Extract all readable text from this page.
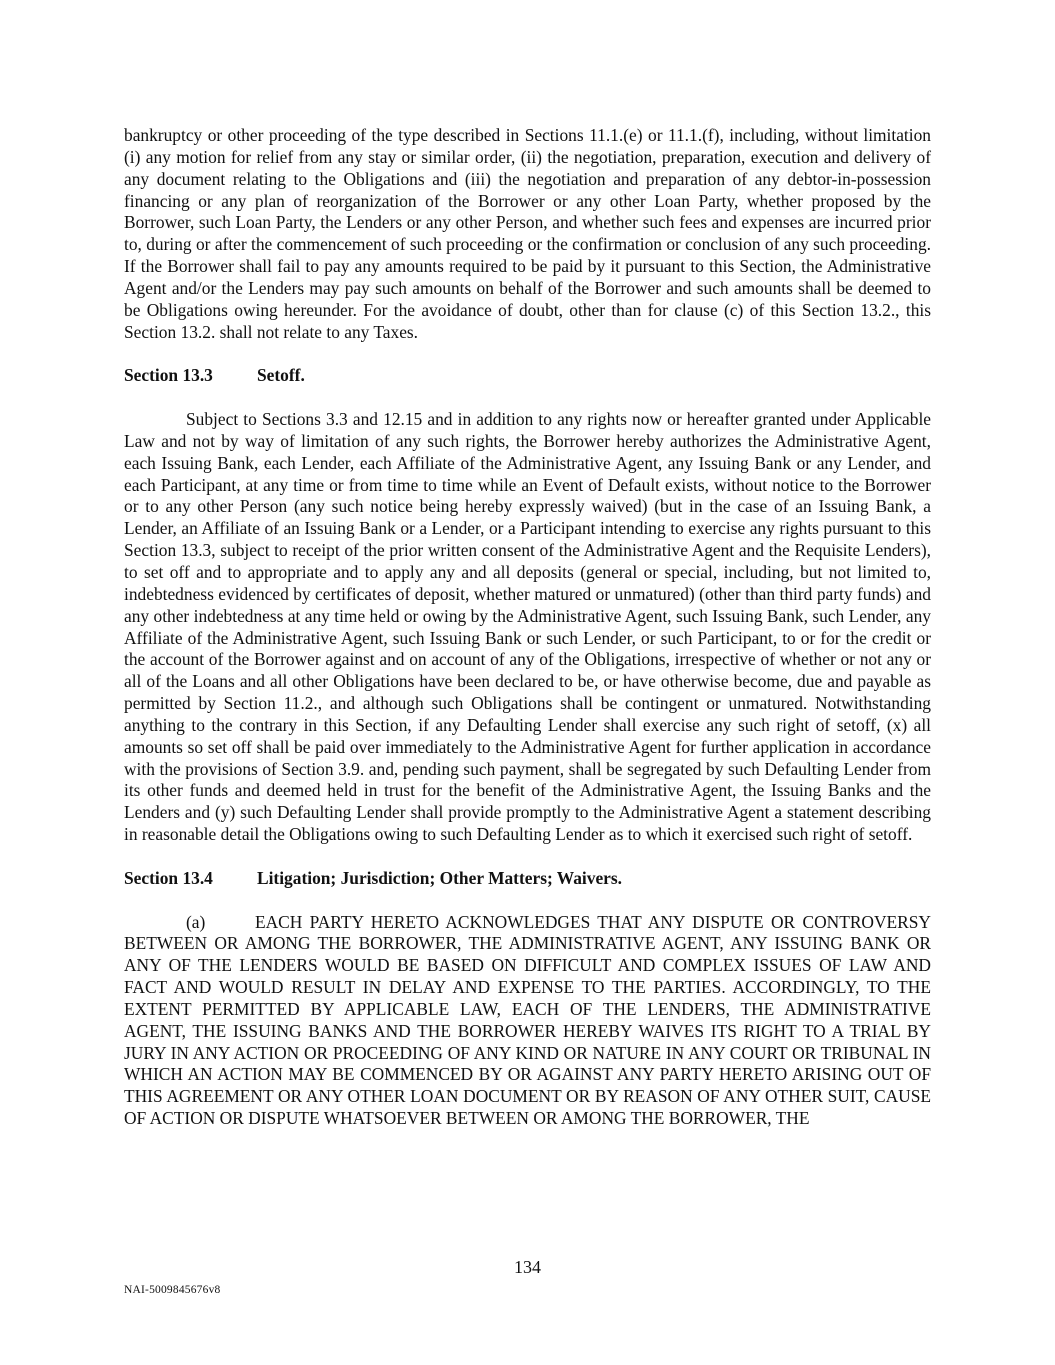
bankruptcy or other proceeding of the type described in Sections 11.1.(e) or 11.1.(f), including, without limitation (i) any motion for relief from any stay or similar order, (ii) the negotiation, preparation, execution and delivery of any document relating to the Obligations and (iii) the negotiation and preparation of any debtor-in-possession financing or any plan of reorganization of the Borrower or any other Loan Party, whether proposed by the Borrower, such Loan Party, the Lenders or any other Person, and whether such fees and expenses are incurred prior to, during or after the commencement of such proceeding or the confirmation or conclusion of any such proceeding. If the Borrower shall fail to pay any amounts required to be paid by it pursuant to this Section, the Administrative Agent and/or the Lenders may pay such amounts on behalf of the Borrower and such amounts shall be deemed to be Obligations owing hereunder. For the avoidance of doubt, other than for clause (c) of this Section 13.2., this Section 13.2. shall not relate to any Taxes.

Section 13.3	Setoff.

Subject to Sections 3.3 and 12.15 and in addition to any rights now or hereafter granted under Applicable Law and not by way of limitation of any such rights, the Borrower hereby authorizes the Administrative Agent, each Issuing Bank, each Lender, each Affiliate of the Administrative Agent, any Issuing Bank or any Lender, and each Participant, at any time or from time to time while an Event of Default exists, without notice to the Borrower or to any other Person (any such notice being hereby expressly waived) (but in the case of an Issuing Bank, a Lender, an Affiliate of an Issuing Bank or a Lender, or a Participant intending to exercise any rights pursuant to this Section 13.3, subject to receipt of the prior written consent of the Administrative Agent and the Requisite Lenders), to set off and to appropriate and to apply any and all deposits (general or special, including, but not limited to, indebtedness evidenced by certificates of deposit, whether matured or unmatured) (other than third party funds) and any other indebtedness at any time held or owing by the Administrative Agent, such Issuing Bank, such Lender, any Affiliate of the Administrative Agent, such Issuing Bank or such Lender, or such Participant, to or for the credit or the account of the Borrower against and on account of any of the Obligations, irrespective of whether or not any or all of the Loans and all other Obligations have been declared to be, or have otherwise become, due and payable as permitted by Section 11.2., and although such Obligations shall be contingent or unmatured. Notwithstanding anything to the contrary in this Section, if any Defaulting Lender shall exercise any such right of setoff, (x) all amounts so set off shall be paid over immediately to the Administrative Agent for further application in accordance with the provisions of Section 3.9. and, pending such payment, shall be segregated by such Defaulting Lender from its other funds and deemed held in trust for the benefit of the Administrative Agent, the Issuing Banks and the Lenders and (y) such Defaulting Lender shall provide promptly to the Administrative Agent a statement describing in reasonable detail the Obligations owing to such Defaulting Lender as to which it exercised such right of setoff.

Section 13.4	Litigation; Jurisdiction; Other Matters; Waivers.

(a)	EACH PARTY HERETO ACKNOWLEDGES THAT ANY DISPUTE OR CONTROVERSY BETWEEN OR AMONG THE BORROWER, THE ADMINISTRATIVE AGENT, ANY ISSUING BANK OR ANY OF THE LENDERS WOULD BE BASED ON DIFFICULT AND COMPLEX ISSUES OF LAW AND FACT AND WOULD RESULT IN DELAY AND EXPENSE TO THE PARTIES. ACCORDINGLY, TO THE EXTENT PERMITTED BY APPLICABLE LAW, EACH OF THE LENDERS, THE ADMINISTRATIVE AGENT, THE ISSUING BANKS AND THE BORROWER HEREBY WAIVES ITS RIGHT TO A TRIAL BY JURY IN ANY ACTION OR PROCEEDING OF ANY KIND OR NATURE IN ANY COURT OR TRIBUNAL IN WHICH AN ACTION MAY BE COMMENCED BY OR AGAINST ANY PARTY HERETO ARISING OUT OF THIS AGREEMENT OR ANY OTHER LOAN DOCUMENT OR BY REASON OF ANY OTHER SUIT, CAUSE OF ACTION OR DISPUTE WHATSOEVER BETWEEN OR AMONG THE BORROWER, THE

134
NAI-5009845676v8
